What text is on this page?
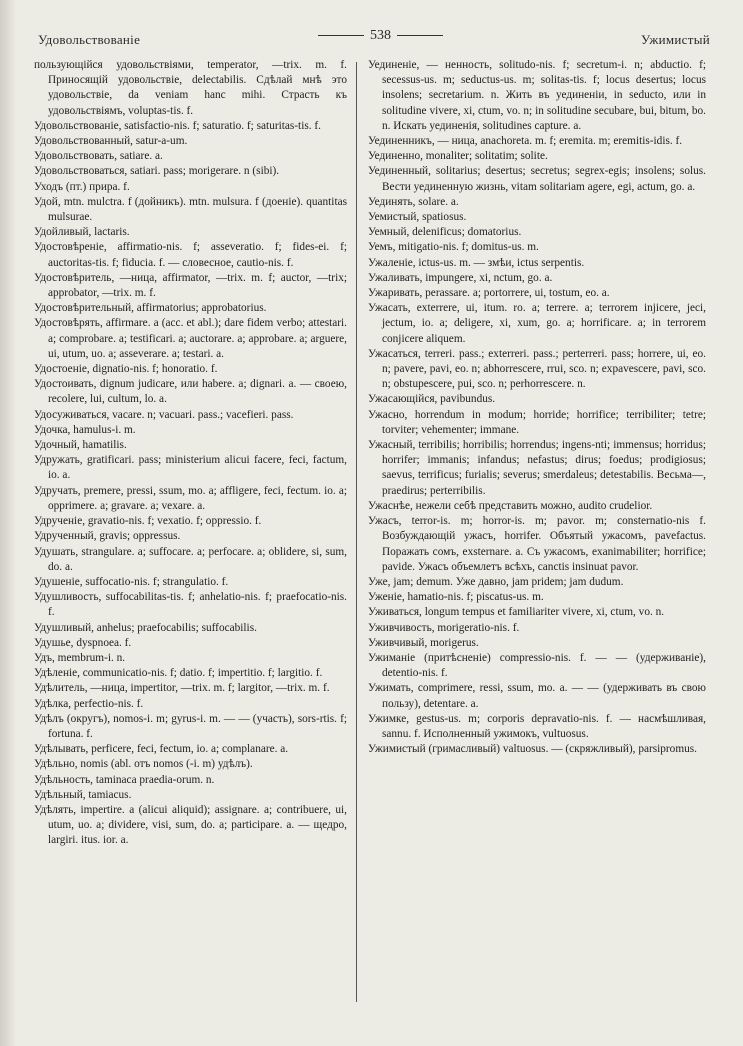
Удовольствованіе	538	Ужимистый

пользующійся удовольствіями, temperator, —trix. m. f. Приносящій удовольствіе, delectabilis. Сдѣлай мнѣ это удовольствіе, da veniam hanc mihi. Страсть къ удовольствіямъ, voluptas-tis. f.

Удовольствованіе, satisfactio-nis. f; saturatio. f; saturitas-tis. f.

Удовольствованный, satur-a-um.

Удовольствовать, satiare. a.

Удовольствоваться, satiari. pass; morigerare. n (sibi).

Уходъ (пт.) прира. f.

Удой, mtn. mulctra. f (дойникъ). mtn. mulsura. f (доеніе). quantitas mulsurae.

Удойливый, lactaris.

Удостовѣреніе, affirmatio-nis. f; asseveratio. f; fides-ei. f; auctoritas-tis. f; fiducia. f. — словесное, cautio-nis. f.

Удостовѣритель, —ница, affirmator, —trix. m. f; auctor, —trix; approbator, —trix. m. f.

Удостовѣрительный, affirmatorius; approbatorius.

Удостовѣрять, affirmare. a (acc. et abl.); dare fidem verbo; attestari. a; comprobare. a; testificari. a; auctorare. a; approbare. a; arguere, ui, utum, uo. a; asseverare. a; testari. a.

Удостоеніе, dignatio-nis. f; honoratio. f.

Удостоивать, dignum judicare, или habere. a; dignari. a. — своею, recolere, lui, cultum, lo. a.

Удосуживаться, vacare. n; vacuari. pass.; vacefieri. pass.

Удочка, hamulus-i. m.

Удочный, hamatilis.

Удружать, gratificari. pass; ministerium alicui facere, feci, factum, io. a.

Удручать, premere, pressi, ssum, mo. a; affligere, feci, fectum. io. a; opprimere. a; gravare. a; vexare. a.

Удрученіе, gravatio-nis. f; vexatio. f; oppressio. f.

Удрученный, gravis; oppressus.

Удушать, strangulare. a; suffocare. a; perfocare. a; oblidere, si, sum, do. a.

Удушеніе, suffocatio-nis. f; strangulatio. f.

Удушливость, suffocabilitas-tis. f; anhelatio-nis. f; praefocatio-nis. f.

Удушливый, anhelus; praefocabilis; suffocabilis.

Удушье, dyspnoea. f.

Удъ, membrum-i. n.

Удѣленіе, communicatio-nis. f; datio. f; impertitio. f; largitio. f.

Удѣлитель, —ница, impertitor, —trix. m. f; largitor, —trix. m. f.

Удѣлка, perfectio-nis. f.

Удѣлъ (округъ), nomos-i. m; gyrus-i. m. — — (участь), sors-rtis. f; fortuna. f.

Удѣлывать, perficere, feci, fectum, io. a; complanare. a.

Удѣльно, nomis (abl. отъ nomos (-i. m) удѣлъ).

Удѣльность, taminaca praedia-orum. n.

Удѣльный, tamiacus.

Удѣлять, impertire. a (alicui aliquid); assignare. a; contribuere, ui, utum, uo. a; dividere, visi, sum, do. a; participare. a. — щедро, largiri. itus. ior. a.

Уединеніе, — ненность, solitudo-nis. f; secretum-i. n; abductio. f; secessus-us. m; seductus-us. m; solitas-tis. f; locus desertus; locus insolens; secretarium. n. Жить въ уединеніи, in seducto, или in solitudine vivere, xi, ctum, vo. n; in solitudine secubare, bui, bitum, bo. n. Искать уединенія, solitudines capture. a.

Уединенникъ, — ница, anachoreta. m. f; eremita. m; eremitis-idis. f.

Уединенно, monaliter; solitatim; solite.

Уединенный, solitarius; desertus; secretus; segrex-egis; insolens; solus. Вести уединенную жизнь, vitam solitariam agere, egi, actum, go. a.

Уединять, solare. a.

Уемистый, spatiosus.

Уемный, delenificus; domatorius.

Уемъ, mitigatio-nis. f; domitus-us. m.

Ужаленіе, ictus-us. m. — змѣи, ictus serpentis.

Ужаливать, impungere, xi, nctum, go. a.

Ужаривать, perassare. a; portorrere, ui, tostum, eo. a.

Ужасать, exterrere, ui, itum. ro. a; terrere. a; terrorem injicere, jeci, jectum, io. a; deligere, xi, xum, go. a; horrificare. a; in terrorem conjicere aliquem.

Ужасаться, terreri. pass.; exterreri. pass.; perterreri. pass; horrere, ui, eo. n; pavere, pavi, eo. n; abhorrescere, rrui, sco. n; expavescere, pavi, sco. n; obstupescere, pui, sco. n; perhorrescere. n.

Ужасающійся, pavibundus.

Ужасно, horrendum in modum; horride; horrifice; terribiliter; tetre; torviter; vehementer; immane.

Ужасный, terribilis; horribilis; horrendus; ingens-nti; immensus; horridus; horrifer; immanis; infandus; nefastus; dirus; foedus; prodigiosus; saevus, terrificus; furialis; severus; smerdaleus; detestabilis. Весьма—, praedirus; perterribilis.

Ужаснѣе, нежели себѣ представить можно, audito crudelior.

Ужасъ, terror-is. m; horror-is. m; pavor. m; consternatio-nis f. Возбуждающій ужасъ, horrifer. Объятый ужасомъ, pavefactus. Поражать сомъ, exsternare. a. Съ ужасомъ, exanimabiliter; horrifice; pavide. Ужасъ объемлетъ всѣхъ, canctis insinuat pavor.

Уже, jam; demum. Уже давно, jam pridem; jam dudum.

Уженіе, hamatio-nis. f; piscatus-us. m.

Уживаться, longum tempus et familiariter vivere, xi, ctum, vo. n.

Уживчивость, morigeratio-nis. f.

Уживчивый, morigerus.

Ужиманіе (притѣсненіе) compressio-nis. f. — — (удерживаніе), detentio-nis. f.

Ужимать, comprimere, ressi, ssum, mo. a. — — (удерживать въ свою пользу), detentare. a.

Ужимке, gestus-us. m; corporis depravatio-nis. f. — насмѣшливая, sannu. f. Исполненный ужимокъ, vultuosus.

Ужимистый (гримасливый) valtuosus. — (скряжливый), parsipromus.
